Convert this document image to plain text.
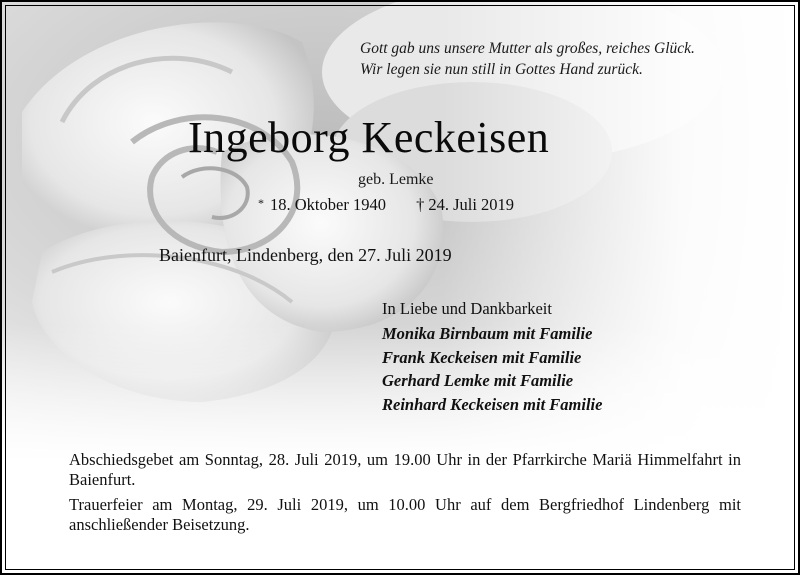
Gott gab uns unsere Mutter als großes, reiches Glück.
Wir legen sie nun still in Gottes Hand zurück.
Ingeborg Keckeisen
geb. Lemke
* 18. Oktober 1940 † 24. Juli 2019
Baienfurt, Lindenberg, den 27. Juli 2019
In Liebe und Dankbarkeit
Monika Birnbaum mit Familie
Frank Keckeisen mit Familie
Gerhard Lemke mit Familie
Reinhard Keckeisen mit Familie

Abschiedsgebet am Sonntag, 28. Juli 2019, um 19.00 Uhr in der Pfarrkirche Mariä Himmelfahrt in Baienfurt.

Trauerfeier am Montag, 29. Juli 2019, um 10.00 Uhr auf dem Bergfriedhof Lindenberg mit anschließender Beisetzung.
